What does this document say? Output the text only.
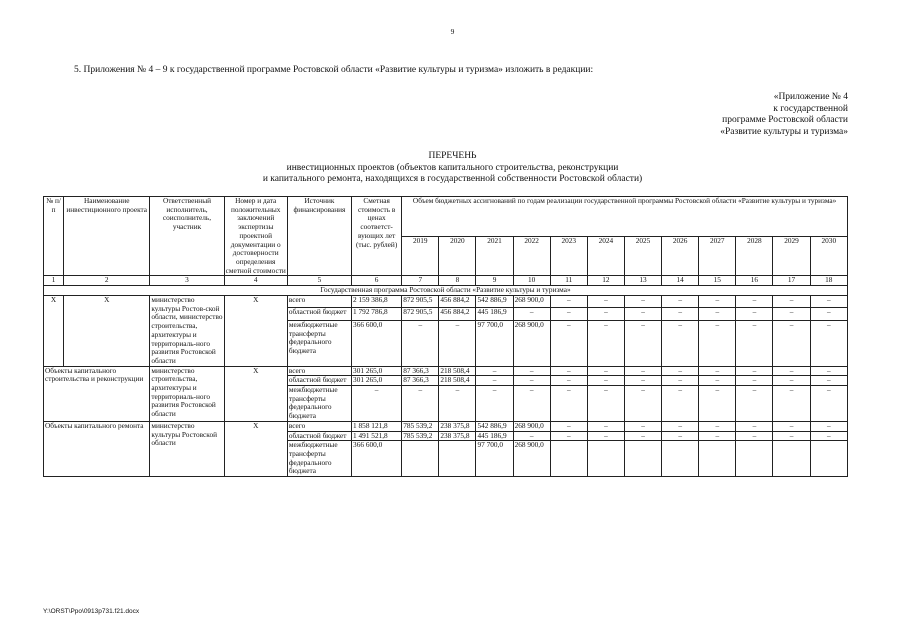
9
5. Приложения № 4 – 9 к государственной программе Ростовской области «Развитие культуры и туризма» изложить в редакции:
«Приложение № 4
к государственной
программе Ростовской области
«Развитие культуры и туризма»
ПЕРЕЧЕНЬ
инвестиционных проектов (объектов капитального строительства, реконструкции
и капитального ремонта, находящихся в государственной собственности Ростовской области)
№ п/п	Наименование инвестиционного проекта	Ответственный исполнитель, соисполнитель, участник	Номер и дата положительных заключений экспертизы проектной документации о достоверности определения сметной стоимости	Источник финансирования	Сметная стоимость в ценах соответст-вующих лет (тыс. рублей)	Объем бюджетных ассигнований по годам реализации государственной программы Ростовской области «Развитие культуры и туризма»											
						2019	2020	2021	2022	2023	2024	2025	2026	2027	2028	2029	2030
1	2	3	4	5	6	7	8	9	10	11	12	13	14	15	16	17	18
Государственная программа Ростовской области «Развитие культуры и туризма»																	
Х	Х	министерство культуры Ростов-ской области, министерство строительства, архитектуры и территориаль-ного развития Ростовской области	Х	всего	2 159 386,8	872 905,5	456 884,2	542 886,9	268 900,0	–	–	–	–	–	–	–	–
				областной бюджет	1 792 786,8	872 905,5	456 884,2	445 186,9	–	–	–	–	–	–	–	–	–
				межбюджетные трансферты федерального бюджета	366 600,0	–	–	97 700,0	268 900,0	–	–	–	–	–	–	–	–
Объекты капитального строительства и реконструкции		министерство строительства, архитектуры и территориаль-ного развития Ростовской области	Х	всего	301 265,0	87 366,3	218 508,4	–	–	–	–	–	–	–	–	–	–
				областной бюджет	301 265,0	87 366,3	218 508,4	–	–	–	–	–	–	–	–	–	–
				межбюджетные трансферты федерального бюджета	–	–	–	–	–	–	–	–	–	–	–	–	–
Объекты капитального ремонта		министерство культуры Ростовской области	Х	всего	1 858 121,8	785 539,2	238 375,8	542 886,9	268 900,0	–	–	–	–	–	–	–	–
				областной бюджет	1 491 521,8	785 539,2	238 375,8	445 186,9	–	–	–	–	–	–	–	–	–
				межбюджетные трансферты федерального бюджета	366 600,0			97 700,0	268 900,0								
Y:\ORST\Ppo\0913p731.f21.docx
